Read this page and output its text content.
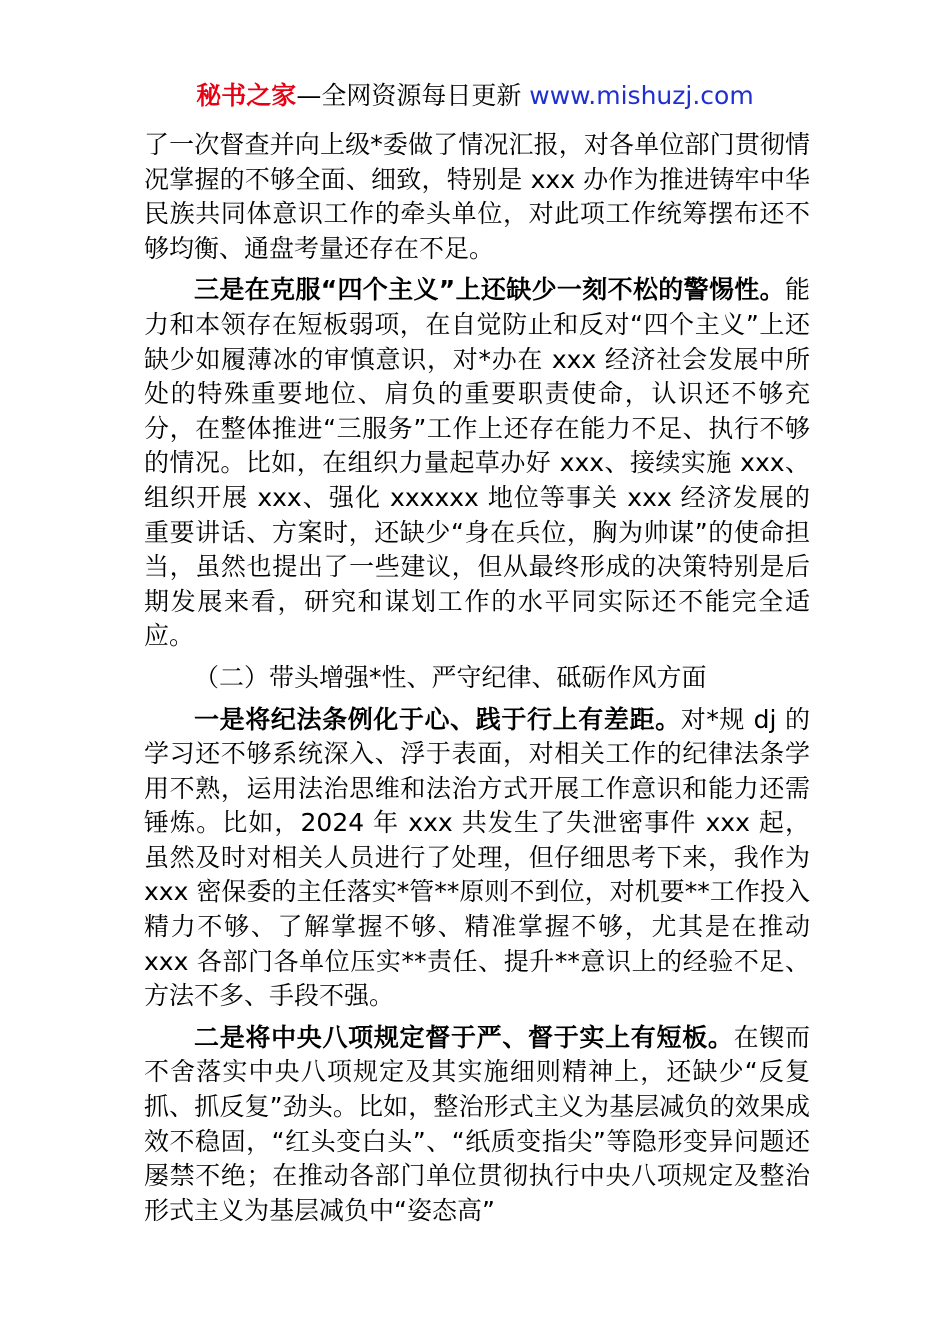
秘书之家—全网资源每日更新 www.mishuzj.com

了一次督查并向上级*委做了情况汇报，对各单位部门贯彻情况掌握的不够全面、细致，特别是 xxx 办作为推进铸牢中华民族共同体意识工作的牵头单位，对此项工作统筹摆布还不够均衡、通盘考量还存在不足。

三是在克服“四个主义”上还缺少一刻不松的警惕性。能力和本领存在短板弱项，在自觉防止和反对“四个主义”上还缺少如履薄冰的审慎意识，对*办在 xxx 经济社会发展中所处的特殊重要地位、肩负的重要职责使命，认识还不够充分，在整体推进“三服务”工作上还存在能力不足、执行不够的情况。比如，在组织力量起草办好 xxx、接续实施 xxx、组织开展 xxx、强化 xxxxxx 地位等事关 xxx 经济发展的重要讲话、方案时，还缺少“身在兵位，胸为帅谋”的使命担当，虽然也提出了一些建议，但从最终形成的决策特别是后期发展来看，研究和谋划工作的水平同实际还不能完全适应。

（二）带头增强*性、严守纪律、砥砺作风方面

一是将纪法条例化于心、践于行上有差距。对*规 dj 的学习还不够系统深入、浮于表面，对相关工作的纪律法条学用不熟，运用法治思维和法治方式开展工作意识和能力还需锤炼。比如，2024 年 xxx 共发生了失泄密事件 xxx 起，虽然及时对相关人员进行了处理，但仔细思考下来，我作为 xxx 密保委的主任落实*管**原则不到位，对机要**工作投入精力不够、了解掌握不够、精准掌握不够，尤其是在推动 xxx 各部门各单位压实**责任、提升**意识上的经验不足、方法不多、手段不强。

二是将中央八项规定督于严、督于实上有短板。在锲而不舍落实中央八项规定及其实施细则精神上，还缺少“反复抓、抓反复”劲头。比如，整治形式主义为基层减负的效果成效不稳固，“红头变白头”、“纸质变指尖”等隐形变异问题还屡禁不绝；在推动各部门单位贯彻执行中央八项规定及整治形式主义为基层减负中“姿态高”
